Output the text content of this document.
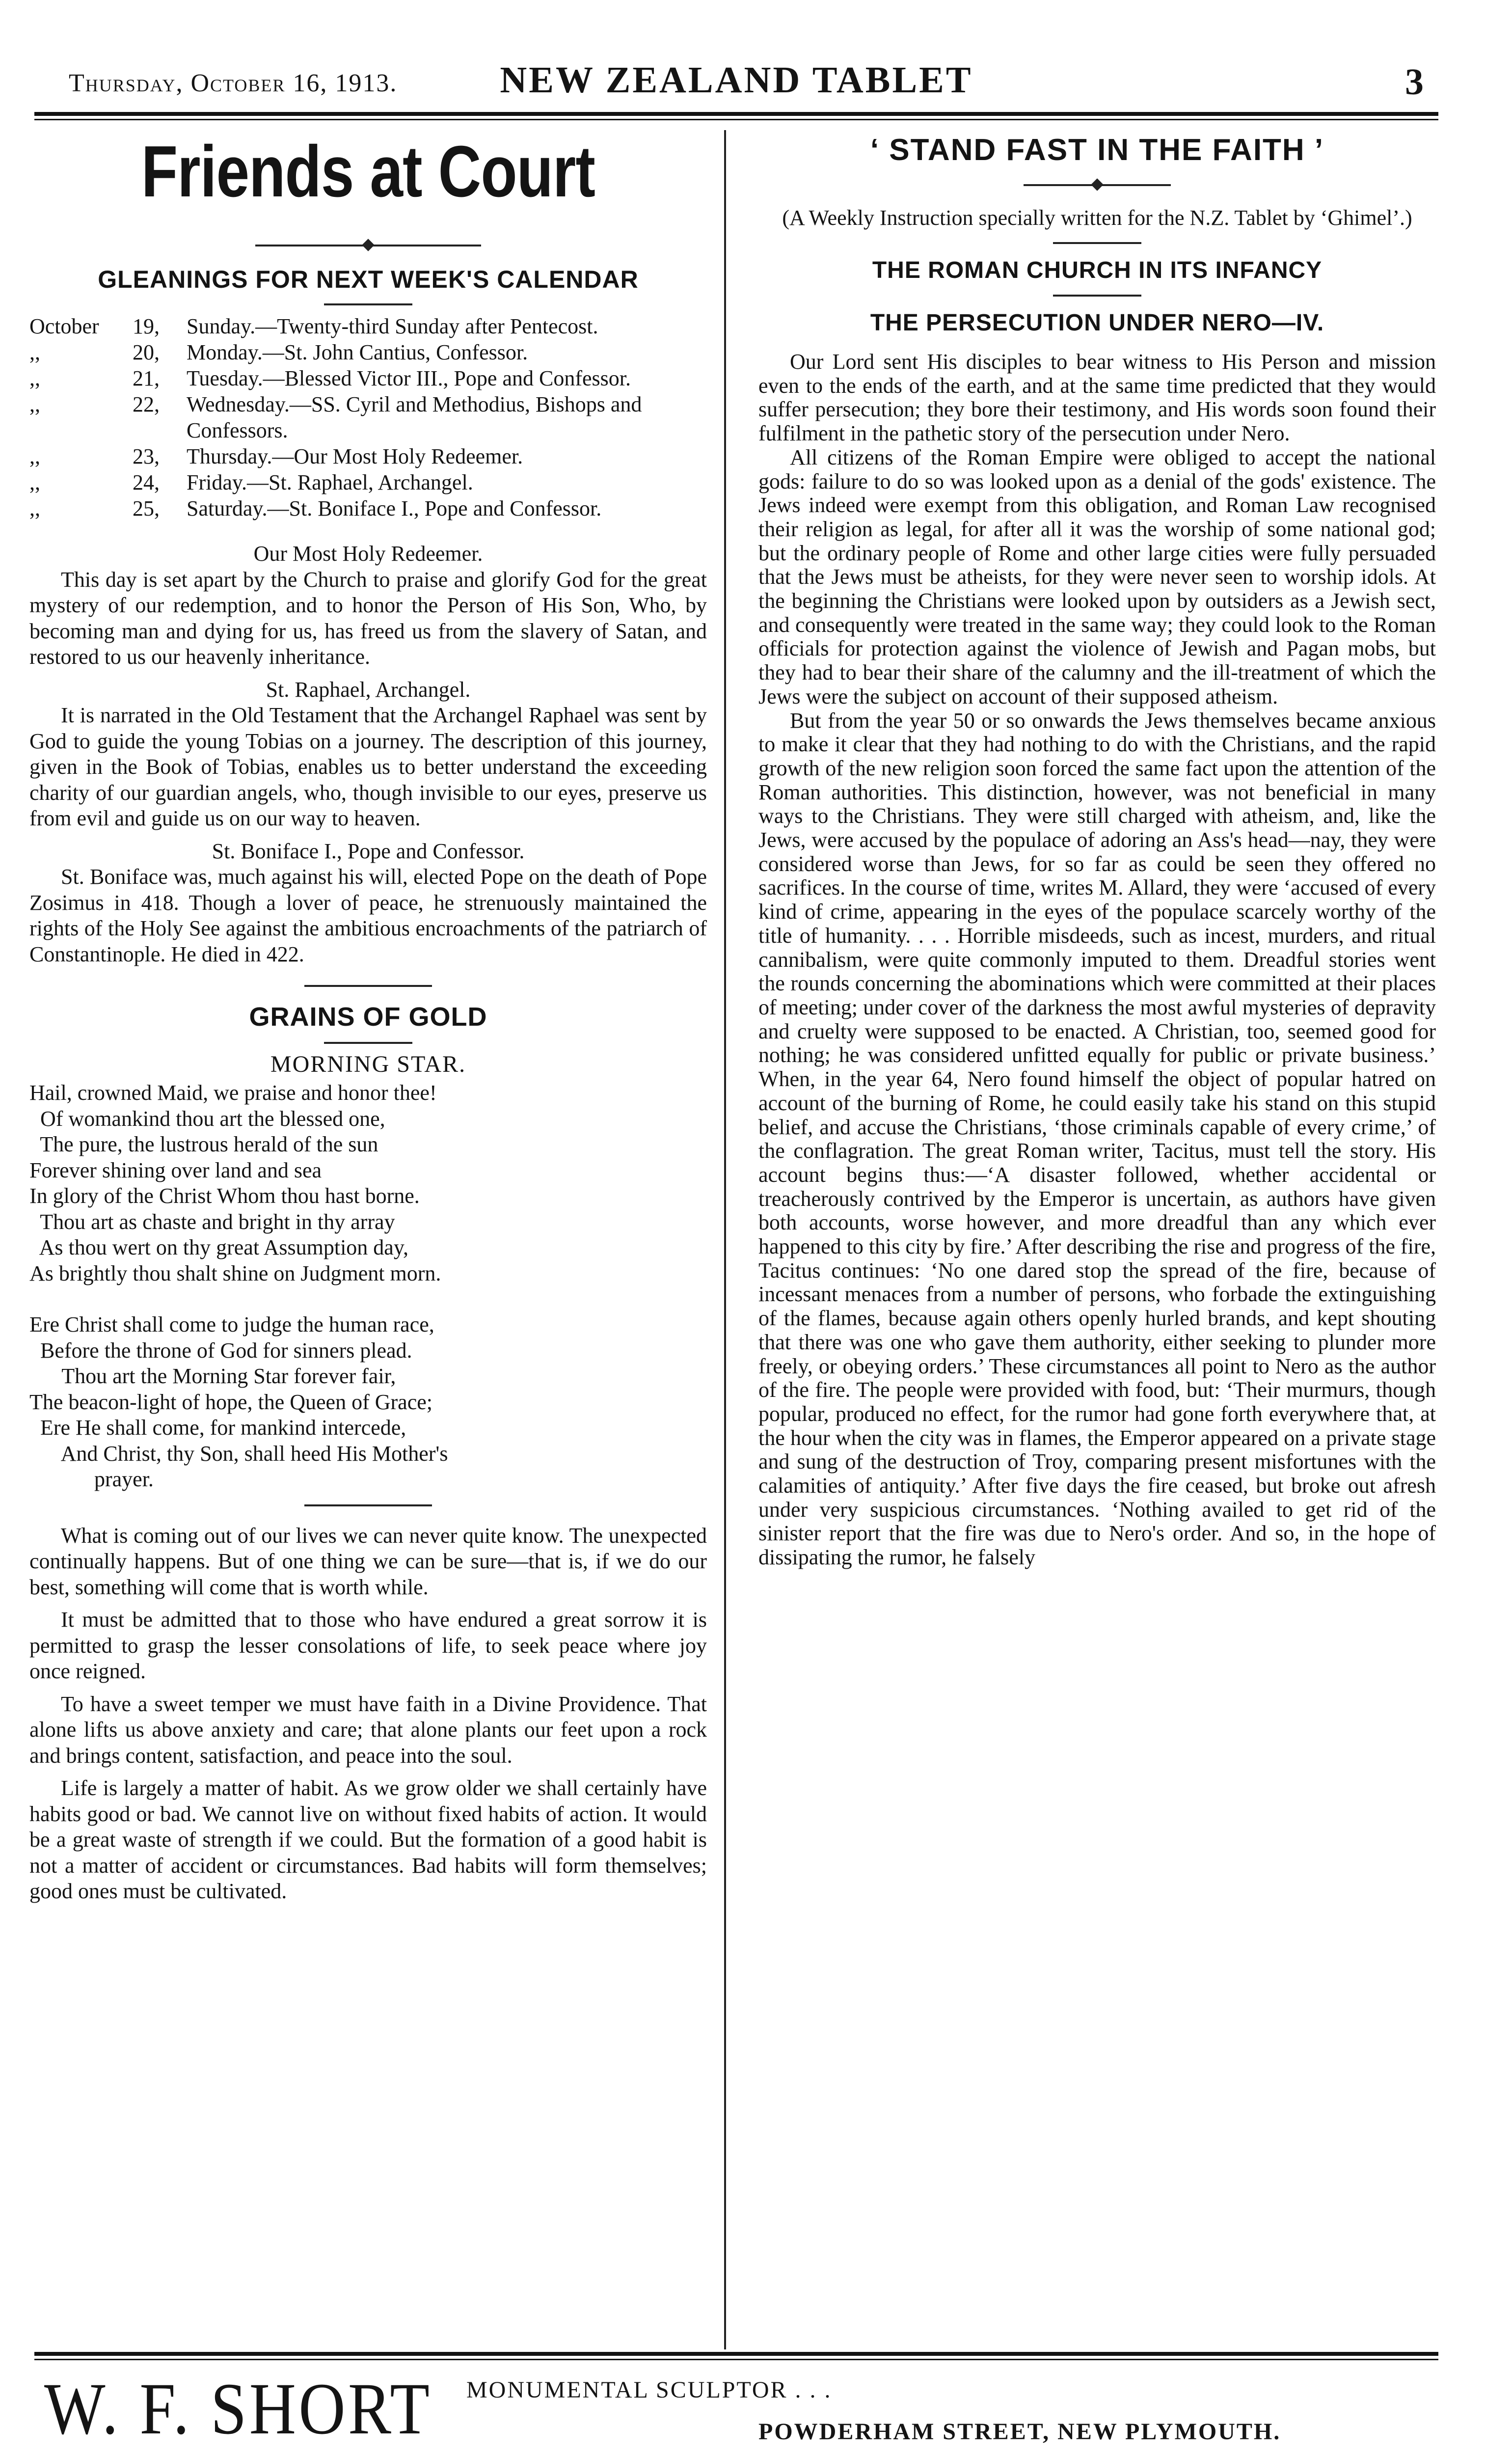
Thursday, October 16, 1913.	NEW ZEALAND TABLET	3
Friends at Court
GLEANINGS FOR NEXT WEEK'S CALENDAR
October	19,	Sunday.—Twenty-third Sunday after Pentecost.
,,	20,	Monday.—St. John Cantius, Confessor.
,,	21,	Tuesday.—Blessed Victor III., Pope and Confessor.
,,	22,	Wednesday.—SS. Cyril and Methodius, Bishops and Confessors.
,,	23,	Thursday.—Our Most Holy Redeemer.
,,	24,	Friday.—St. Raphael, Archangel.
,,	25,	Saturday.—St. Boniface I., Pope and Confessor.
Our Most Holy Redeemer.

This day is set apart by the Church to praise and glorify God for the great mystery of our redemption, and to honor the Person of His Son, Who, by becoming man and dying for us, has freed us from the slavery of Satan, and restored to us our heavenly inheritance.

St. Raphael, Archangel.

It is narrated in the Old Testament that the Archangel Raphael was sent by God to guide the young Tobias on a journey. The description of this journey, given in the Book of Tobias, enables us to better understand the exceeding charity of our guardian angels, who, though invisible to our eyes, preserve us from evil and guide us on our way to heaven.

St. Boniface I., Pope and Confessor.

St. Boniface was, much against his will, elected Pope on the death of Pope Zosimus in 418. Though a lover of peace, he strenuously maintained the rights of the Holy See against the ambitious encroachments of the patriarch of Constantinople. He died in 422.

GRAINS OF GOLD
MORNING STAR.
Hail, crowned Maid, we praise and honor thee!
Of womankind thou art the blessed one,
The pure, the lustrous herald of the sun
Forever shining over land and sea
In glory of the Christ Whom thou hast borne.
Thou art as chaste and bright in thy array
As thou wert on thy great Assumption day,
As brightly thou shalt shine on Judgment morn.
Ere Christ shall come to judge the human race,
Before the throne of God for sinners plead.
Thou art the Morning Star forever fair,
The beacon-light of hope, the Queen of Grace;
Ere He shall come, for mankind intercede,
And Christ, thy Son, shall heed His Mother's
prayer.

What is coming out of our lives we can never quite know. The unexpected continually happens. But of one thing we can be sure—that is, if we do our best, something will come that is worth while.

It must be admitted that to those who have endured a great sorrow it is permitted to grasp the lesser consolations of life, to seek peace where joy once reigned.

To have a sweet temper we must have faith in a Divine Providence. That alone lifts us above anxiety and care; that alone plants our feet upon a rock and brings content, satisfaction, and peace into the soul.

Life is largely a matter of habit. As we grow older we shall certainly have habits good or bad. We cannot live on without fixed habits of action. It would be a great waste of strength if we could. But the formation of a good habit is not a matter of accident or circumstances. Bad habits will form themselves; good ones must be cultivated.

‘ STAND FAST IN THE FAITH ’
(A Weekly Instruction specially written for the N.Z. Tablet by ‘Ghimel’.)
THE ROMAN CHURCH IN ITS INFANCY
THE PERSECUTION UNDER NERO—IV.

Our Lord sent His disciples to bear witness to His Person and mission even to the ends of the earth, and at the same time predicted that they would suffer persecution; they bore their testimony, and His words soon found their fulfilment in the pathetic story of the persecution under Nero.

All citizens of the Roman Empire were obliged to accept the national gods: failure to do so was looked upon as a denial of the gods' existence. The Jews indeed were exempt from this obligation, and Roman Law recognised their religion as legal, for after all it was the worship of some national god; but the ordinary people of Rome and other large cities were fully persuaded that the Jews must be atheists, for they were never seen to worship idols. At the beginning the Christians were looked upon by outsiders as a Jewish sect, and consequently were treated in the same way; they could look to the Roman officials for protection against the violence of Jewish and Pagan mobs, but they had to bear their share of the calumny and the ill-treatment of which the Jews were the subject on account of their supposed atheism.

But from the year 50 or so onwards the Jews themselves became anxious to make it clear that they had nothing to do with the Christians, and the rapid growth of the new religion soon forced the same fact upon the attention of the Roman authorities. This distinction, however, was not beneficial in many ways to the Christians. They were still charged with atheism, and, like the Jews, were accused by the populace of adoring an Ass's head—nay, they were considered worse than Jews, for so far as could be seen they offered no sacrifices. In the course of time, writes M. Allard, they were ‘accused of every kind of crime, appearing in the eyes of the populace scarcely worthy of the title of humanity. . . . Horrible misdeeds, such as incest, murders, and ritual cannibalism, were quite commonly imputed to them. Dreadful stories went the rounds concerning the abominations which were committed at their places of meeting; under cover of the darkness the most awful mysteries of depravity and cruelty were supposed to be enacted. A Christian, too, seemed good for nothing; he was considered unfitted equally for public or private business.’ When, in the year 64, Nero found himself the object of popular hatred on account of the burning of Rome, he could easily take his stand on this stupid belief, and accuse the Christians, ‘those criminals capable of every crime,’ of the conflagration. The great Roman writer, Tacitus, must tell the story. His account begins thus:—‘A disaster followed, whether accidental or treacherously contrived by the Emperor is uncertain, as authors have given both accounts, worse however, and more dreadful than any which ever happened to this city by fire.’ After describing the rise and progress of the fire, Tacitus continues: ‘No one dared stop the spread of the fire, because of incessant menaces from a number of persons, who forbade the extinguishing of the flames, because again others openly hurled brands, and kept shouting that there was one who gave them authority, either seeking to plunder more freely, or obeying orders.’ These circumstances all point to Nero as the author of the fire. The people were provided with food, but: ‘Their murmurs, though popular, produced no effect, for the rumor had gone forth everywhere that, at the hour when the city was in flames, the Emperor appeared on a private stage and sung of the destruction of Troy, comparing present misfortunes with the calamities of antiquity.’ After five days the fire ceased, but broke out afresh under very suspicious circumstances. ‘Nothing availed to get rid of the sinister report that the fire was due to Nero's order. And so, in the hope of dissipating the rumor, he falsely

W. F. SHORT MONUMENTAL SCULPTOR . . .
POWDERHAM STREET, NEW PLYMOUTH.
